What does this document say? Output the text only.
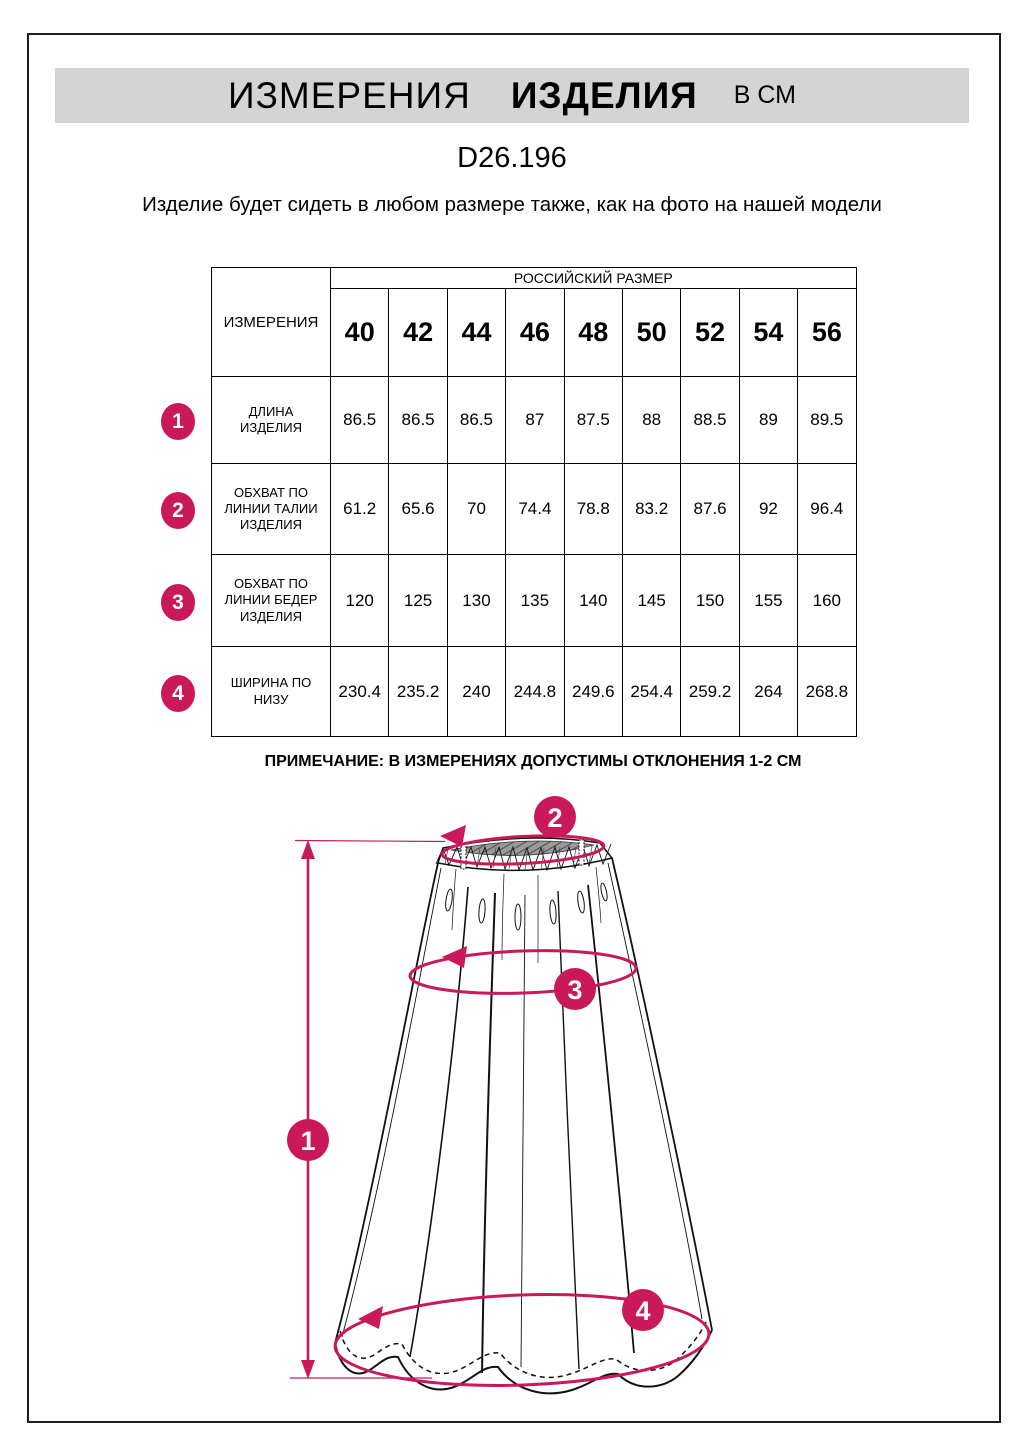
ИЗМЕРЕНИЯ ИЗДЕЛИЯ В СМ
D26.196
Изделие будет сидеть в любом размере также, как на фото на нашей модели
ИЗМЕРЕНИЯ	РОССИЙСКИЙ РАЗМЕР								
	40	42	44	46	48	50	52	54	56
ДЛИНА ИЗДЕЛИЯ	86.5	86.5	86.5	87	87.5	88	88.5	89	89.5
ОБХВАТ ПО ЛИНИИ ТАЛИИ ИЗДЕЛИЯ	61.2	65.6	70	74.4	78.8	83.2	87.6	92	96.4
ОБХВАТ ПО ЛИНИИ БЕДЕР ИЗДЕЛИЯ	120	125	130	135	140	145	150	155	160
ШИРИНА ПО НИЗУ	230.4	235.2	240	244.8	249.6	254.4	259.2	264	268.8
1
2
3
4
ПРИМЕЧАНИЕ: В ИЗМЕРЕНИЯХ ДОПУСТИМЫ ОТКЛОНЕНИЯ 1-2 СМ
1
2
3
4
